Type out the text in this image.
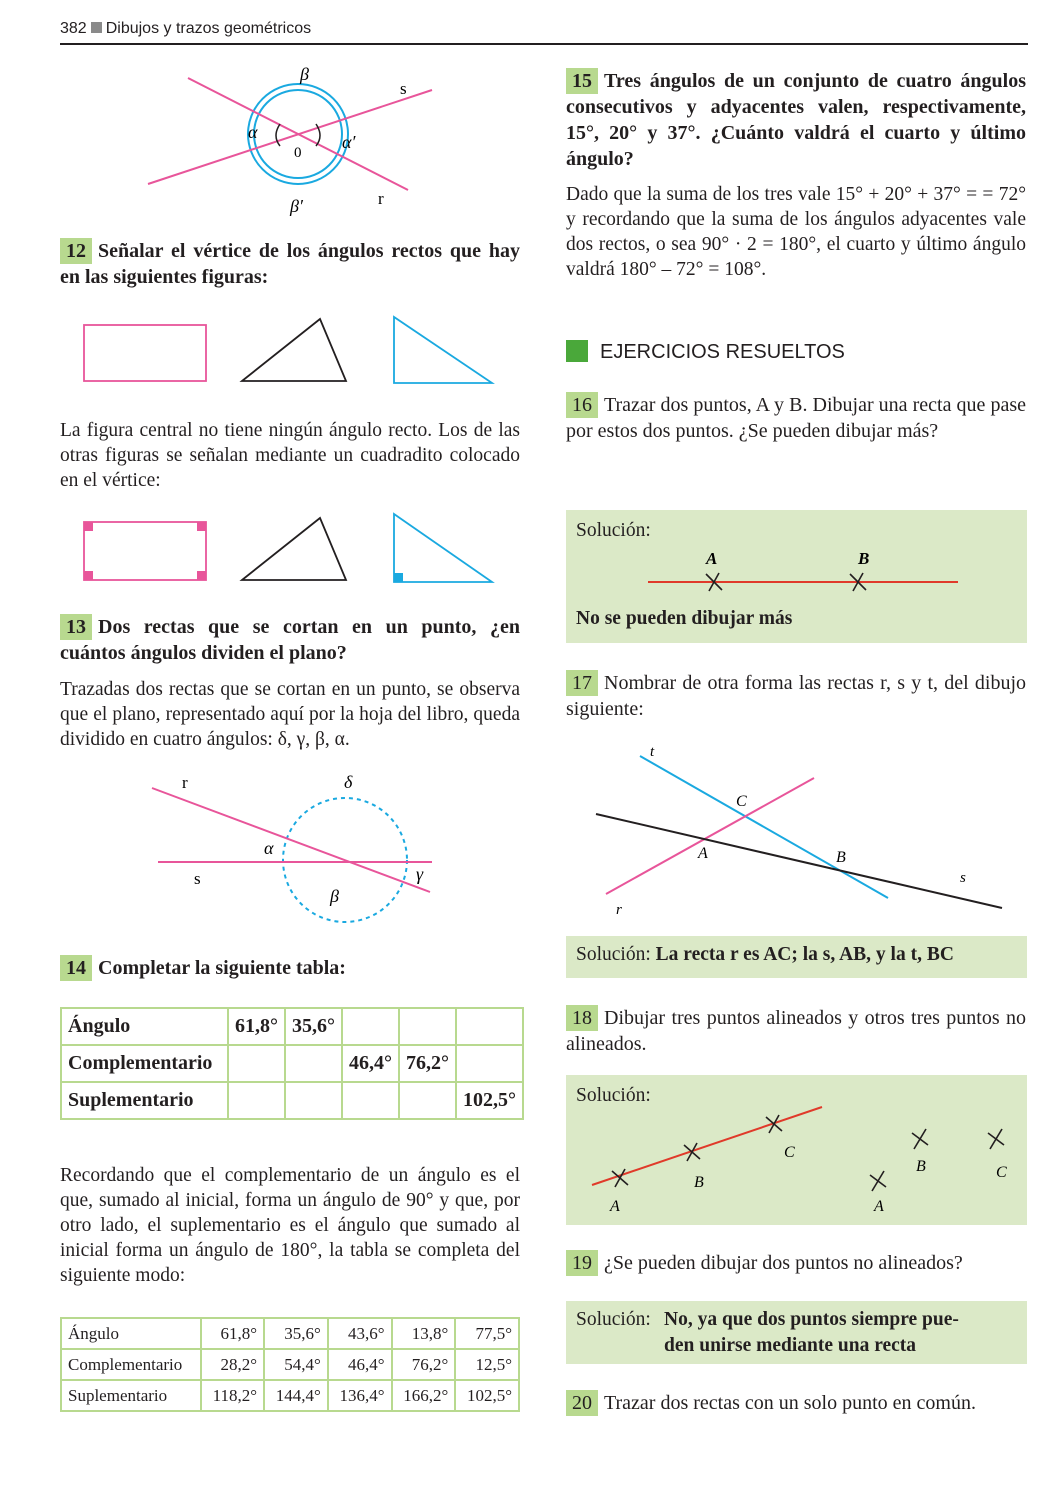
382 Dibujos y trazos geométricos
β
α
0
α′
β′
s
r
12 Señalar el vértice de los ángulos rectos que hay en las siguientes figuras:
La figura central no tiene ningún ángulo recto. Los de las otras figuras se señalan mediante un cuadradito colocado en el vértice:
13 Dos rectas que se cortan en un punto, ¿en cuántos ángulos dividen el plano?
Trazadas dos rectas que se cortan en un punto, se observa que el plano, representado aquí por la hoja del libro, queda dividido en cuatro ángulos: δ, γ, β, α.
r	δ
α
s	γ
β
14 Completar la siguiente tabla:
Ángulo	61,8°	35,6°			
Complementario			46,4°	76,2°	
Suplementario					102,5°
Recordando que el complementario de un ángulo es el que, sumado al inicial, forma un ángulo de 90° y que, por otro lado, el suplementario es el ángulo que sumado al inicial forma un ángulo de 180°, la tabla se completa del siguiente modo:
Ángulo	61,8°	35,6°	43,6°	13,8°	77,5°
Complementario	28,2°	54,4°	46,4°	76,2°	12,5°
Suplementario	118,2°	144,4°	136,4°	166,2°	102,5°
15 Tres ángulos de un conjunto de cuatro ángulos consecutivos y adyacentes valen, respectivamente, 15°, 20° y 37°. ¿Cuánto valdrá el cuarto y último ángulo?
Dado que la suma de los tres vale 15° + 20° + 37° = = 72° y recordando que la suma de los ángulos adyacentes vale dos rectos, o sea 90° · 2 = 180°, el cuarto y último ángulo valdrá 180° – 72° = 108°.
EJERCICIOS RESUELTOS
16 Trazar dos puntos, A y B. Dibujar una recta que pase por estos dos puntos. ¿Se pueden dibujar más?
Solución:
A	B
No se pueden dibujar más
17 Nombrar de otra forma las rectas r, s y t, del dibujo siguiente:
t
C
A	B
s
r
Solución: La recta r es AC; la s, AB, y la t, BC
18 Dibujar tres puntos alineados y otros tres puntos no alineados.
Solución:
A
B
C
A
B	C
19 ¿Se pueden dibujar dos puntos no alineados?
Solución: No, ya que dos puntos siempre pue-
den unirse mediante una recta
20 Trazar dos rectas con un solo punto en común.
